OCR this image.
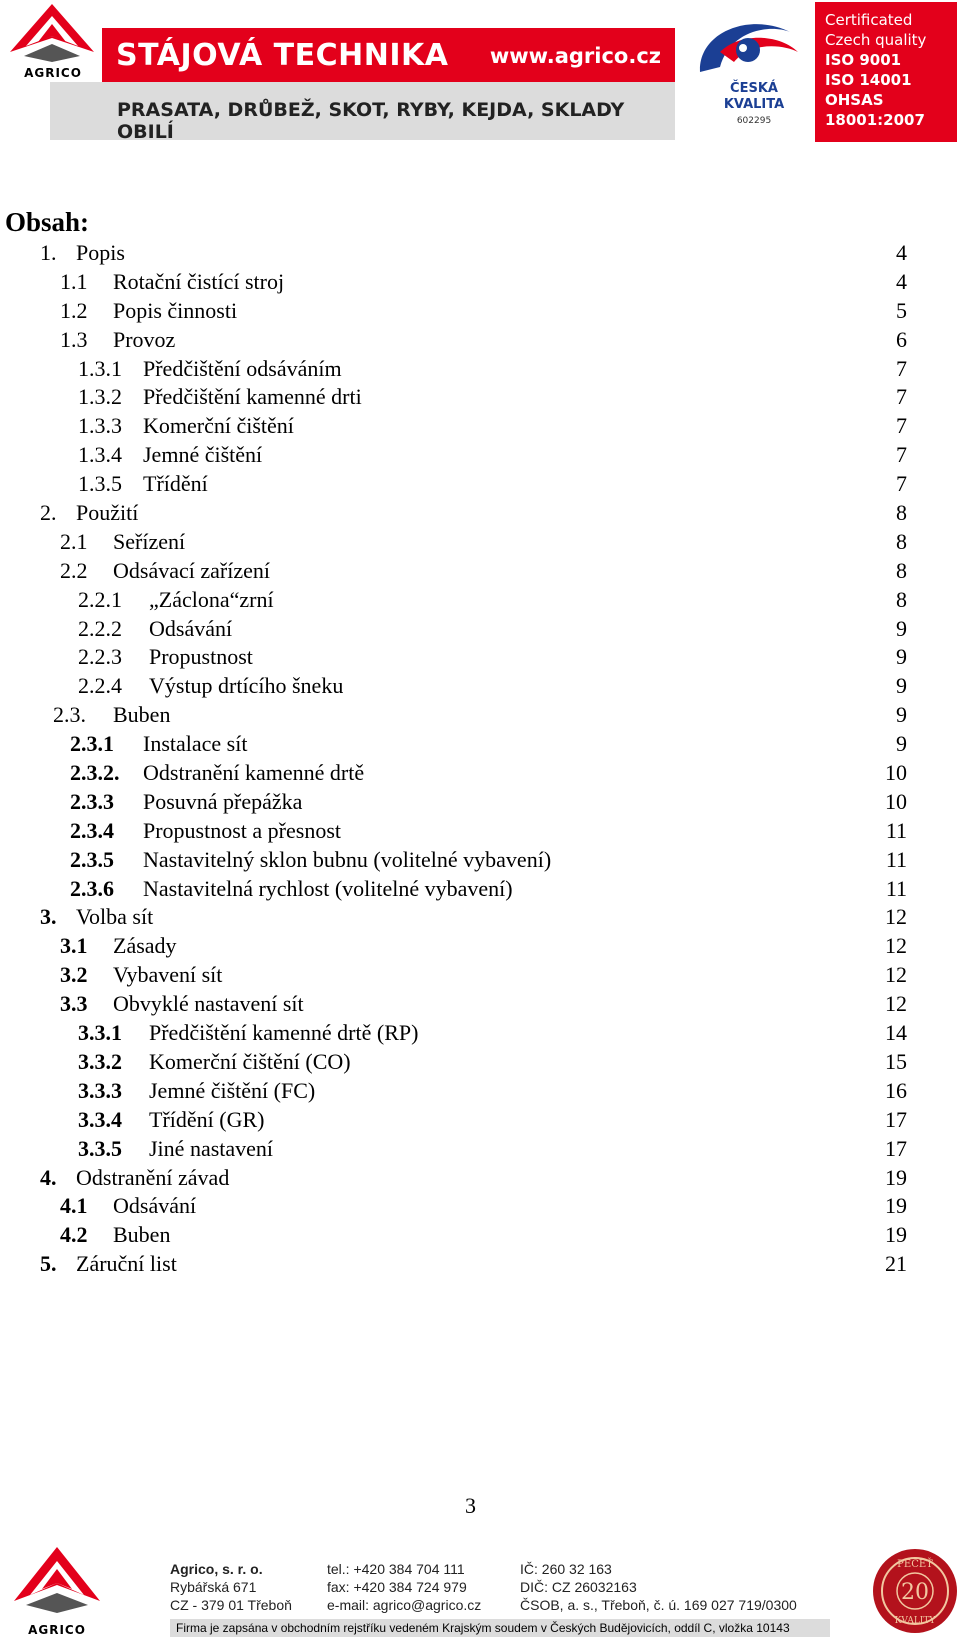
AGRICO	STÁJOVÁ TECHNIKA www.agrico.cz
PRASATA, DRŮBEŽ, SKOT, RYBY, KEJDA, SKLADY OBILÍ
ČESKÁ
KVALITA
602295
Certificated
Czech quality
ISO 9001
ISO 14001
OHSAS
18001:2007
Obsah:
1. Popis	4
1.1 Rotační čistící stroj	4
1.2 Popis činnosti	5
1.3 Provoz	6
1.3.1 Předčištění odsáváním	7
1.3.2 Předčištění kamenné drti	7
1.3.3 Komerční čištění	7
1.3.4 Jemné čištění	7
1.3.5 Třídění	7
2. Použití	8
2.1 Seřízení	8
2.2 Odsávací zařízení	8
2.2.1 „Záclona“zrní	8
2.2.2 Odsávání	9
2.2.3 Propustnost	9
2.2.4 Výstup drtícího šneku	9
2.3. Buben	9
2.3.1 Instalace sít	9
2.3.2. Odstranění kamenné drtě	10
2.3.3 Posuvná přepážka	10
2.3.4 Propustnost a přesnost	11
2.3.5 Nastavitelný sklon bubnu (volitelné vybavení)	11
2.3.6 Nastavitelná rychlost (volitelné vybavení)	11
3. Volba sít	12
3.1 Zásady	12
3.2 Vybavení sít	12
3.3 Obvyklé nastavení sít	12
3.3.1 Předčištění kamenné drtě (RP)	14
3.3.2 Komerční čištění (CO)	15
3.3.3 Jemné čištění (FC)	16
3.3.4 Třídění (GR)	17
3.3.5 Jiné nastavení	17
4. Odstranění závad	19
4.1 Odsávání	19
4.2 Buben	19
5. Záruční list	21
3
AGRICO
Agrico, s. r. o.
Rybářská 671
CZ - 379 01 Třeboň
tel.: +420 384 704 111
fax: +420 384 724 979
e-mail: agrico@agrico.cz
IČ: 260 32 163
DIČ: CZ 26032163
ČSOB, a. s., Třeboň, č. ú. 169 027 719/0300
Firma je zapsána v obchodním rejstříku vedeném Krajským soudem v Českých Budějovicích, oddíl C, vložka 10143
PEČEŤ
20
KVALITY
